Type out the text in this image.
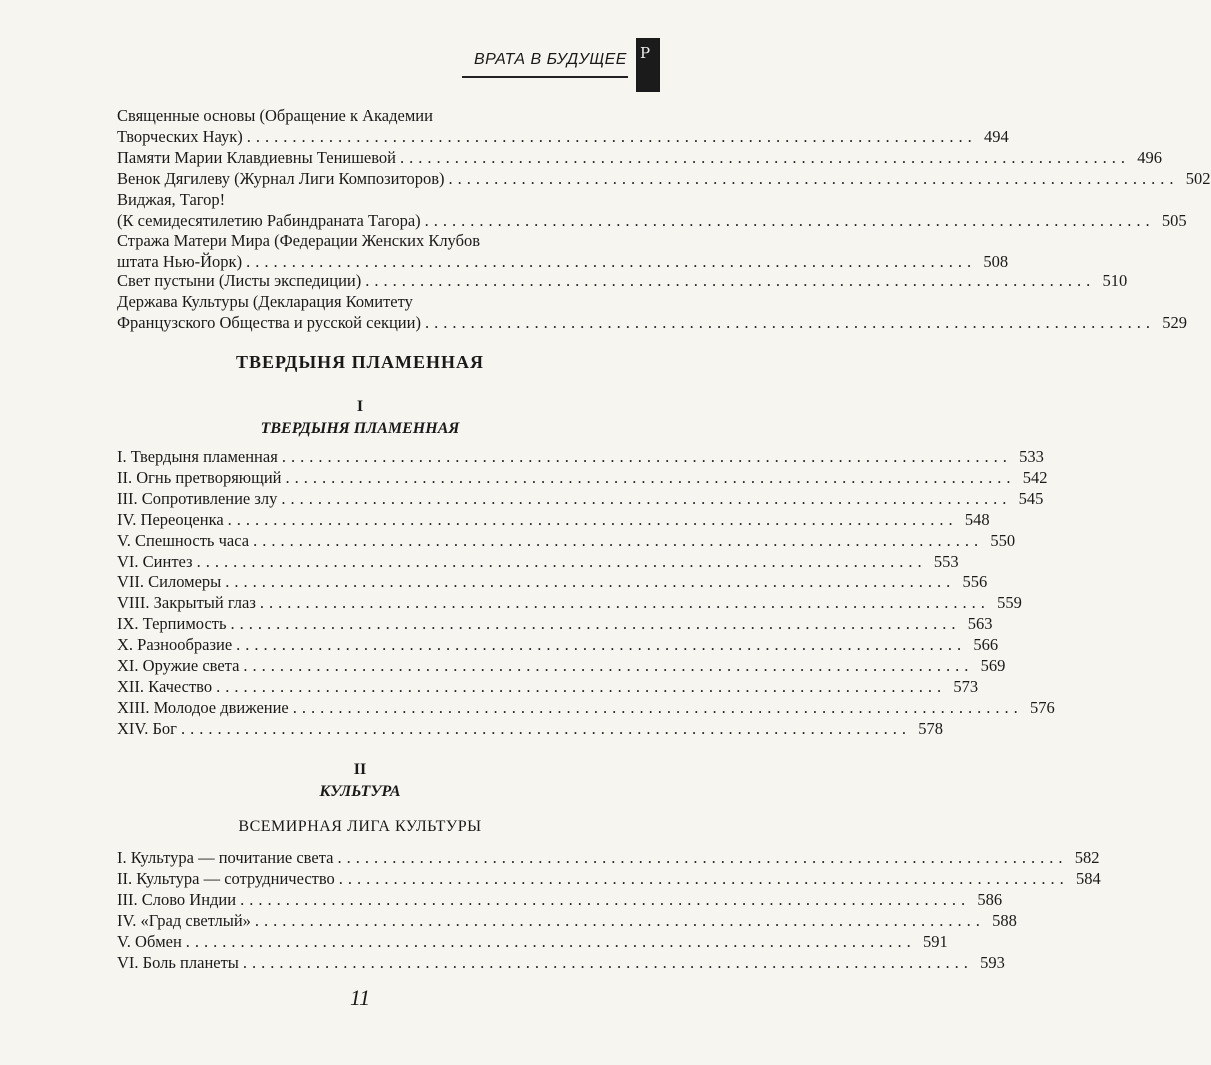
ВРАТА В БУДУЩЕЕ Р
Священные основы (Обращение к Академии
Творческих Наук) ................................................................................ 494
Памяти Марии Клавдиевны Тенишевой ................................................................................ 496
Венок Дягилеву (Журнал Лиги Композиторов) ................................................................................ 502
Виджая, Тагор!
(К семидесятилетию Рабиндраната Тагора) ................................................................................ 505
Стража Матери Мира (Федерации Женских Клубов
штата Нью-Йорк) ................................................................................ 508
Свет пустыни (Листы экспедиции) ................................................................................ 510
Держава Культуры (Декларация Комитету
Французского Общества и русской секции) ................................................................................ 529
ТВЕРДЫНЯ ПЛАМЕННАЯ
I
ТВЕРДЫНЯ ПЛАМЕННАЯ
I. Твердыня пламенная ................................................................................ 533
II. Огнь претворяющий ................................................................................ 542
III. Сопротивление злу ................................................................................ 545
IV. Переоценка ................................................................................ 548
V. Спешность часа ................................................................................ 550
VI. Синтез ................................................................................ 553
VII. Силомеры ................................................................................ 556
VIII. Закрытый глаз ................................................................................ 559
IX. Терпимость ................................................................................ 563
X. Разнообразие ................................................................................ 566
XI. Оружие света ................................................................................ 569
XII. Качество ................................................................................ 573
XIII. Молодое движение ................................................................................ 576
XIV. Бог ................................................................................ 578
II
КУЛЬТУРА
ВСЕМИРНАЯ ЛИГА КУЛЬТУРЫ
I. Культура — почитание света ................................................................................ 582
II. Культура — сотрудничество ................................................................................ 584
III. Слово Индии ................................................................................ 586
IV. «Град светлый» ................................................................................ 588
V. Обмен ................................................................................ 591
VI. Боль планеты ................................................................................ 593
11
